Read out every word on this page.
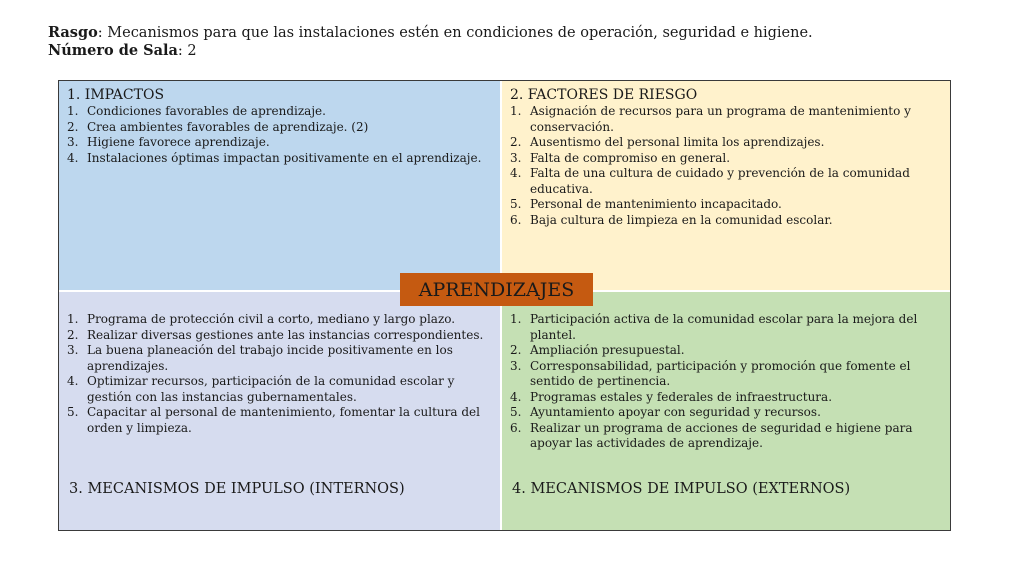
Rasgo: Mecanismos para que las instalaciones estén en condiciones de operación, seguridad e higiene.
Número de Sala: 2
1. IMPACTOS
1. Condiciones favorables de aprendizaje.
2. Crea ambientes favorables de aprendizaje. (2)
3. Higiene favorece aprendizaje.
4. Instalaciones óptimas impactan positivamente en el aprendizaje.
2. FACTORES DE RIESGO
1. Asignación de recursos para un programa de mantenimiento y conservación.
2. Ausentismo del personal limita los aprendizajes.
3. Falta de compromiso en general.
4. Falta de una cultura de cuidado y prevención de la comunidad educativa.
5. Personal de mantenimiento incapacitado.
6. Baja cultura de limpieza en la comunidad escolar.
1. Programa de protección civil a corto, mediano y largo plazo.
2. Realizar diversas gestiones ante las instancias correspondientes.
3. La buena planeación del trabajo incide positivamente en los aprendizajes.
4. Optimizar recursos, participación de la comunidad escolar y gestión con las instancias gubernamentales.
5. Capacitar al personal de mantenimiento, fomentar la cultura del orden y limpieza.
3. MECANISMOS DE IMPULSO (INTERNOS)
1. Participación activa de la comunidad escolar para la mejora del plantel.
2. Ampliación presupuestal.
3. Corresponsabilidad, participación y promoción que fomente el sentido de pertinencia.
4. Programas estales y federales de infraestructura.
5. Ayuntamiento apoyar con seguridad y recursos.
6. Realizar un programa de acciones de seguridad e higiene para apoyar las actividades de aprendizaje.
4. MECANISMOS DE IMPULSO (EXTERNOS)
APRENDIZAJES
